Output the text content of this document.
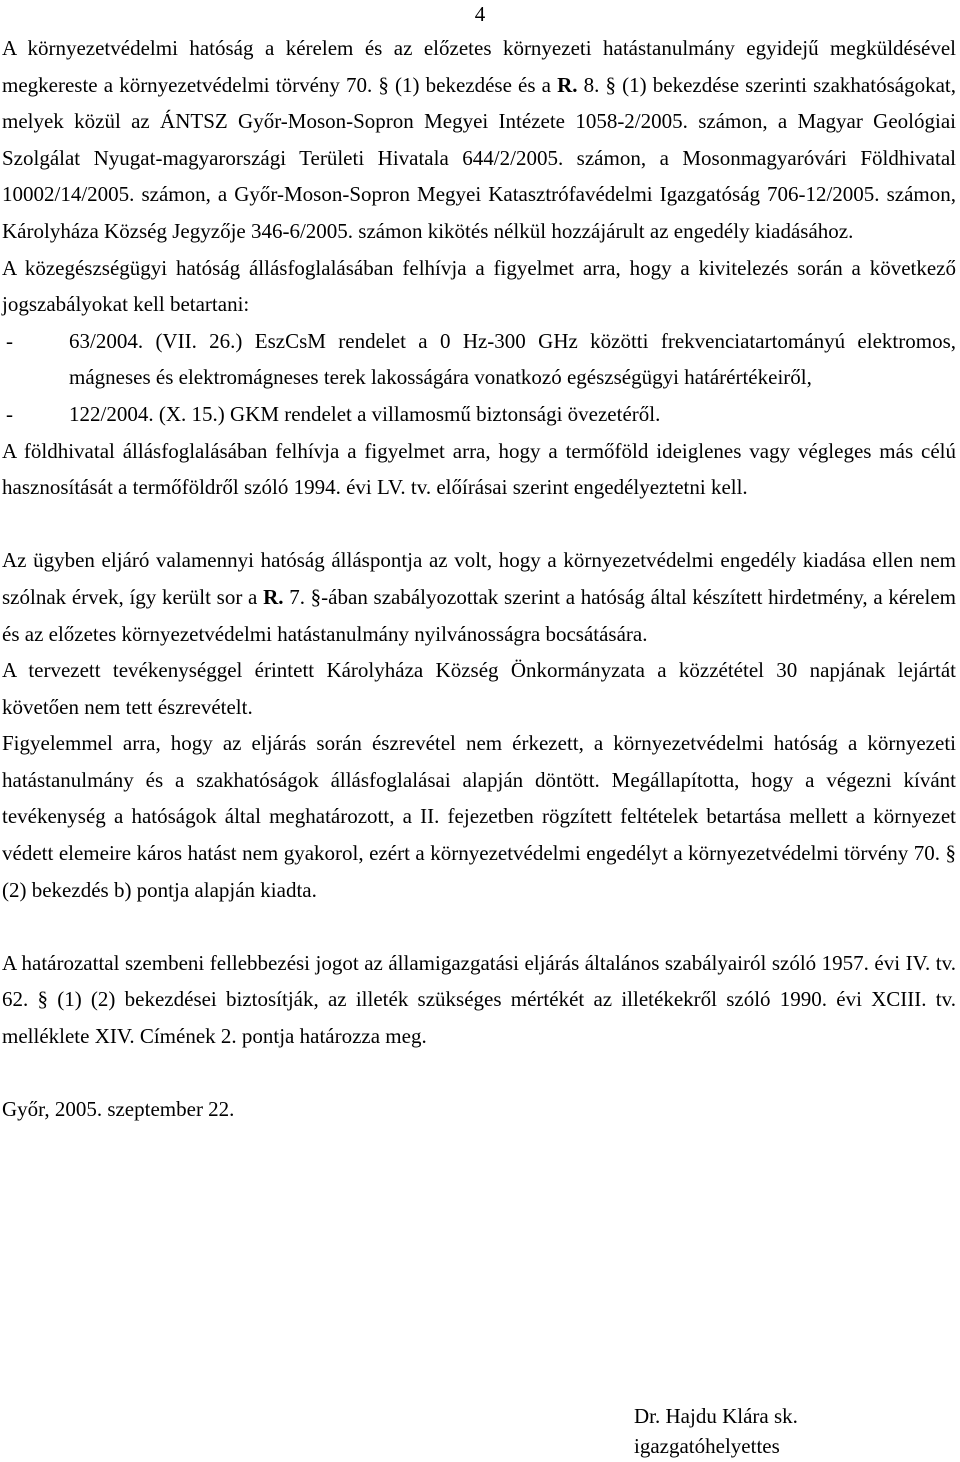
4

A környezetvédelmi hatóság a kérelem és az előzetes környezeti hatástanulmány egyidejű megküldésével megkereste a környezetvédelmi törvény 70. § (1) bekezdése és a R. 8. § (1) bekezdése szerinti szakhatóságokat, melyek közül az ÁNTSZ Győr-Moson-Sopron Megyei Intézete 1058-2/2005. számon, a Magyar Geológiai Szolgálat Nyugat-magyarországi Területi Hivatala 644/2/2005. számon, a Mosonmagyaróvári Földhivatal 10002/14/2005. számon, a Győr-Moson-Sopron Megyei Katasztrófavédelmi Igazgatóság 706-12/2005. számon, Károlyháza Község Jegyzője 346-6/2005. számon kikötés nélkül hozzájárult az engedély kiadásához.

A közegészségügyi hatóság állásfoglalásában felhívja a figyelmet arra, hogy a kivitelezés során a következő jogszabályokat kell betartani:

-	63/2004. (VII. 26.) EszCsM rendelet a 0 Hz-300 GHz közötti frekvenciatartományú elektromos, mágneses és elektromágneses terek lakosságára vonatkozó egészségügyi határértékeiről,
-	122/2004. (X. 15.) GKM rendelet a villamosmű biztonsági övezetéről.

A földhivatal állásfoglalásában felhívja a figyelmet arra, hogy a termőföld ideiglenes vagy végleges más célú hasznosítását a termőföldről szóló 1994. évi LV. tv. előírásai szerint engedélyeztetni kell.

Az ügyben eljáró valamennyi hatóság álláspontja az volt, hogy a környezetvédelmi engedély kiadása ellen nem szólnak érvek, így került sor a R. 7. §-ában szabályozottak szerint a hatóság által készített hirdetmény, a kérelem és az előzetes környezetvédelmi hatástanulmány nyilvánosságra bocsátására.

A tervezett tevékenységgel érintett Károlyháza Község Önkormányzata a közzététel 30 napjának lejártát követően nem tett észrevételt.

Figyelemmel arra, hogy az eljárás során észrevétel nem érkezett, a környezetvédelmi hatóság a környezeti hatástanulmány és a szakhatóságok állásfoglalásai alapján döntött. Megállapította, hogy a végezni kívánt tevékenység a hatóságok által meghatározott, a II. fejezetben rögzített feltételek betartása mellett a környezet védett elemeire káros hatást nem gyakorol, ezért a környezetvédelmi engedélyt a környezetvédelmi törvény 70. § (2) bekezdés b) pontja alapján kiadta.

A határozattal szembeni fellebbezési jogot az államigazgatási eljárás általános szabályairól szóló 1957. évi IV. tv. 62. § (1) (2) bekezdései biztosítják, az illeték szükséges mértékét az illetékekről szóló 1990. évi XCIII. tv. melléklete XIV. Címének 2. pontja határozza meg.

Győr, 2005. szeptember 22.

Dr. Hajdu Klára sk.
igazgatóhelyettes
